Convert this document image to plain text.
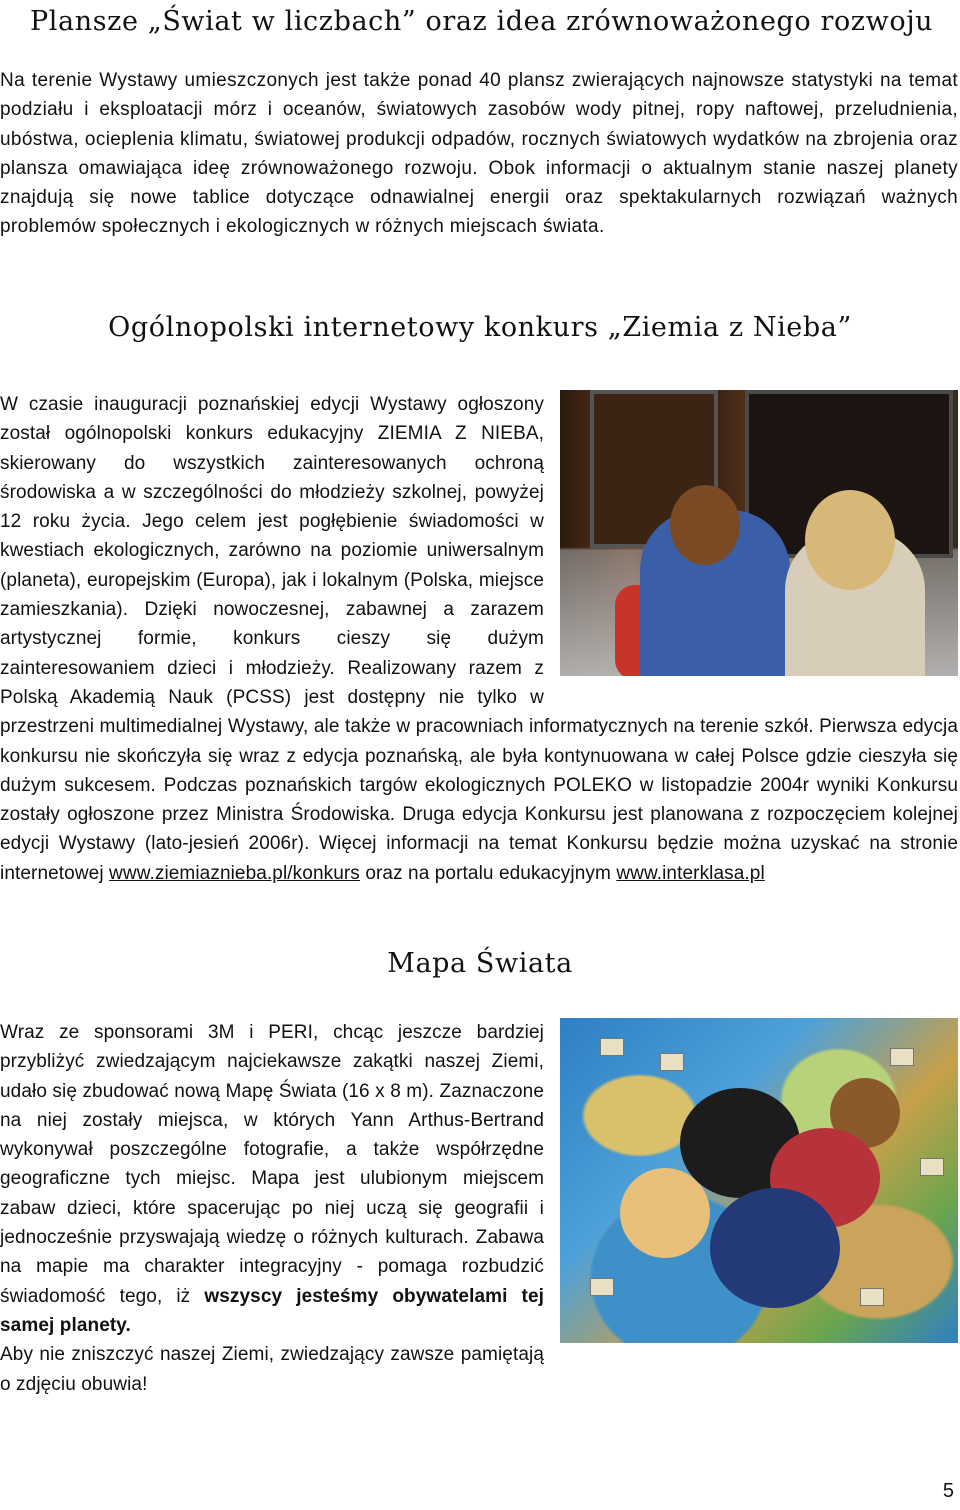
Plansze „Świat w liczbach” oraz idea zrównoważonego rozwoju

Na terenie Wystawy umieszczonych jest także ponad 40 plansz zwierających najnowsze statystyki na temat podziału i eksploatacji mórz i oceanów, światowych zasobów wody pitnej, ropy naftowej, przeludnienia, ubóstwa, ocieplenia klimatu, światowej produkcji odpadów, rocznych światowych wydatków na zbrojenia oraz plansza omawiająca ideę zrównoważonego rozwoju. Obok informacji o aktualnym stanie naszej planety znajdują się nowe tablice dotyczące odnawialnej energii oraz spektakularnych rozwiązań ważnych problemów społecznych i ekologicznych w różnych miejscach świata.

Ogólnopolski internetowy konkurs „Ziemia z Nieba”
W czasie inauguracji poznańskiej edycji Wystawy ogłoszony został ogólnopolski konkurs edukacyjny ZIEMIA Z NIEBA, skierowany do wszystkich zainteresowanych ochroną środowiska a w szczególności do młodzieży szkolnej, powyżej 12 roku życia. Jego celem jest pogłębienie świadomości w kwestiach ekologicznych, zarówno na poziomie uniwersalnym (planeta), europejskim (Europa), jak i lokalnym (Polska, miejsce zamieszkania). Dzięki nowoczesnej, zabawnej a zarazem artystycznej formie, konkurs cieszy się dużym zainteresowaniem dzieci i młodzieży. Realizowany razem z Polską Akademią Nauk (PCSS) jest dostępny nie tylko w przestrzeni multimedialnej Wystawy, ale także w pracowniach informatycznych na terenie szkół. Pierwsza edycja konkursu nie skończyła się wraz z edycja poznańską, ale była kontynuowana w całej Polsce gdzie cieszyła się dużym sukcesem. Podczas poznańskich targów ekologicznych POLEKO w listopadzie 2004r wyniki Konkursu zostały ogłoszone przez Ministra Środowiska. Druga edycja Konkursu jest planowana z rozpoczęciem kolejnej edycji Wystawy (lato-jesień 2006r). Więcej informacji na temat Konkursu będzie można uzyskać na stronie internetowej www.ziemiaznieba.pl/konkurs oraz na portalu edukacyjnym www.interklasa.pl
Mapa Świata
Wraz ze sponsorami 3M i PERI, chcąc jeszcze bardziej przybliżyć zwiedzającym najciekawsze zakątki naszej Ziemi, udało się zbudować nową Mapę Świata (16 x 8 m). Zaznaczone na niej zostały miejsca, w których Yann Arthus-Bertrand wykonywał poszczególne fotografie, a także współrzędne geograficzne tych miejsc. Mapa jest ulubionym miejscem zabaw dzieci, które spacerując po niej uczą się geografii i jednocześnie przyswajają wiedzę o różnych kulturach. Zabawa na mapie ma charakter integracyjny - pomaga rozbudzić świadomość tego, iż wszyscy jesteśmy obywatelami tej samej planety.
Aby nie zniszczyć naszej Ziemi, zwiedzający zawsze pamiętają o zdjęciu obuwia!
5
